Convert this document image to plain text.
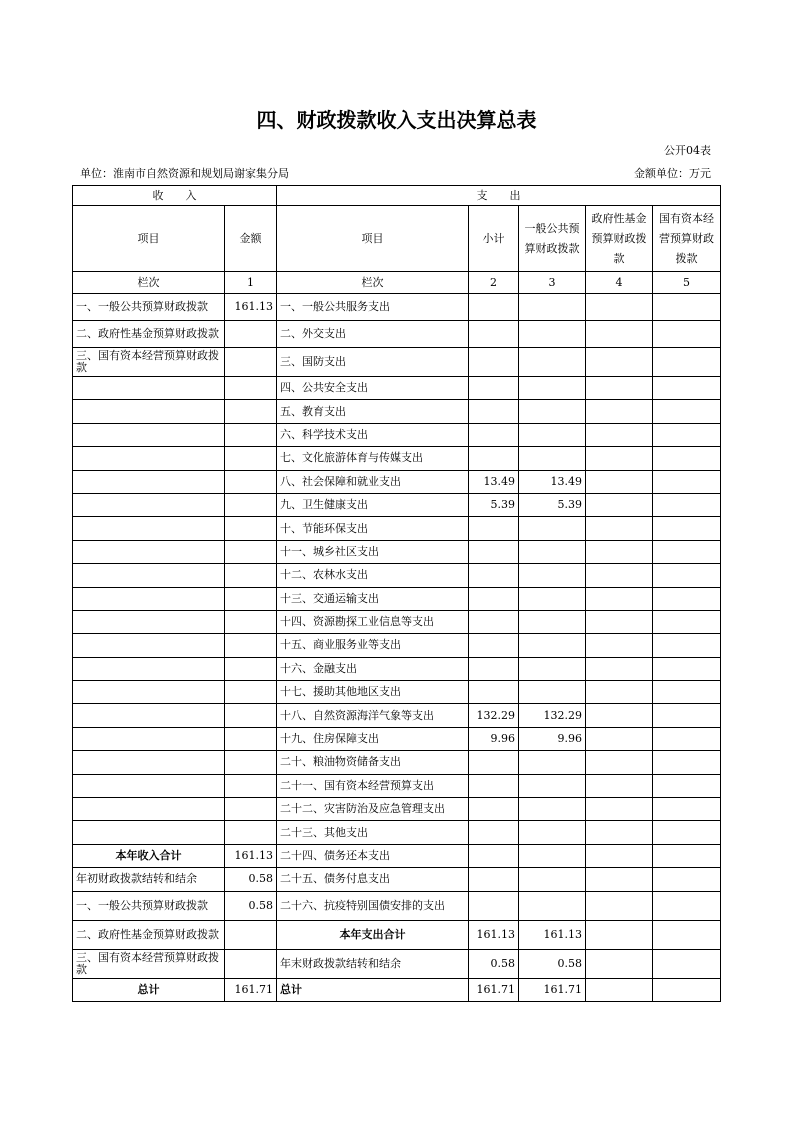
四、财政拨款收入支出决算总表
公开04表
单位：淮南市自然资源和规划局谢家集分局	金额单位：万元
收　　入		支　　出				
项目	金额	项目	小计	一般公共预算财政拨款	政府性基金预算财政拨款	国有资本经营预算财政拨款
栏次	1	栏次	2	3	4	5
一、一般公共预算财政拨款	161.13	一、一般公共服务支出				
二、政府性基金预算财政拨款		二、外交支出				
三、国有资本经营预算财政拨款		三、国防支出				
		四、公共安全支出				
		五、教育支出				
		六、科学技术支出				
		七、文化旅游体育与传媒支出				
		八、社会保障和就业支出	13.49	13.49		
		九、卫生健康支出	5.39	5.39		
		十、节能环保支出				
		十一、城乡社区支出				
		十二、农林水支出				
		十三、交通运输支出				
		十四、资源勘探工业信息等支出				
		十五、商业服务业等支出				
		十六、金融支出				
		十七、援助其他地区支出				
		十八、自然资源海洋气象等支出	132.29	132.29		
		十九、住房保障支出	9.96	9.96		
		二十、粮油物资储备支出				
		二十一、国有资本经营预算支出				
		二十二、灾害防治及应急管理支出				
		二十三、其他支出				
本年收入合计	161.13	二十四、债务还本支出				
年初财政拨款结转和结余	0.58	二十五、债务付息支出				
一、一般公共预算财政拨款	0.58	二十六、抗疫特别国债安排的支出				
二、政府性基金预算财政拨款		本年支出合计	161.13	161.13		
三、国有资本经营预算财政拨款		年末财政拨款结转和结余	0.58	0.58		
总计	161.71	总计	161.71	161.71		
